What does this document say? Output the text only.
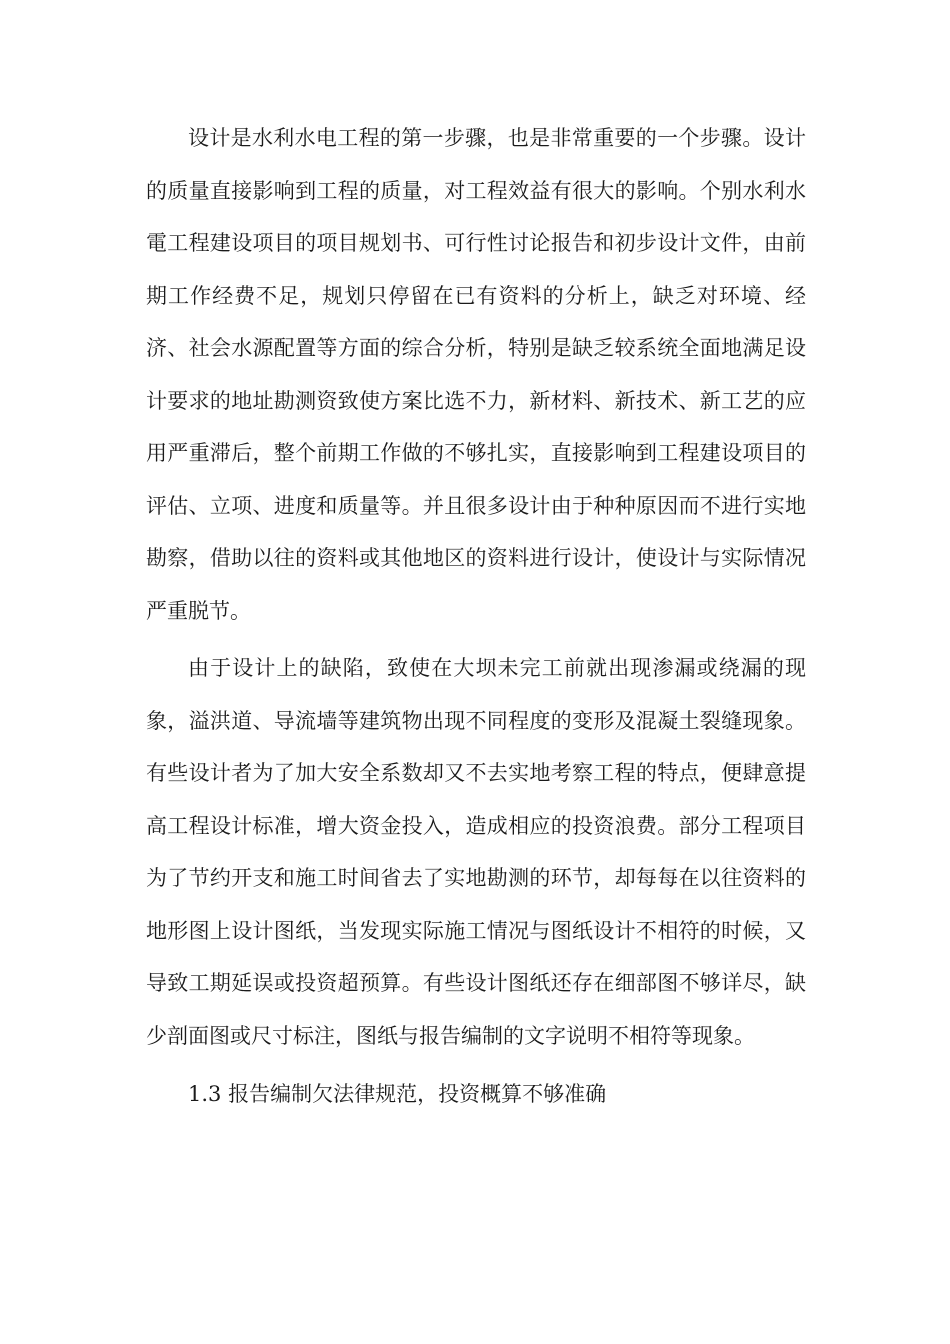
设计是水利水电工程的第一步骤，也是非常重要的一个步骤。设计的质量直接影响到工程的质量，对工程效益有很大的影响。个别水利水電工程建设项目的项目规划书、可行性讨论报告和初步设计文件，由前期工作经费不足，规划只停留在已有资料的分析上，缺乏对环境、经济、社会水源配置等方面的综合分析，特别是缺乏较系统全面地满足设计要求的地址勘测资致使方案比选不力，新材料、新技术、新工艺的应用严重滞后，整个前期工作做的不够扎实，直接影响到工程建设项目的评估、立项、进度和质量等。并且很多设计由于种种原因而不进行实地勘察，借助以往的资料或其他地区的资料进行设计，使设计与实际情况严重脱节。

由于设计上的缺陷，致使在大坝未完工前就出现渗漏或绕漏的现象，溢洪道、导流墙等建筑物出现不同程度的变形及混凝土裂缝现象。有些设计者为了加大安全系数却又不去实地考察工程的特点，便肆意提高工程设计标准，增大资金投入，造成相应的投资浪费。部分工程项目为了节约开支和施工时间省去了实地勘测的环节，却每每在以往资料的地形图上设计图纸，当发现实际施工情况与图纸设计不相符的时候，又导致工期延误或投资超预算。有些设计图纸还存在细部图不够详尽，缺少剖面图或尺寸标注，图纸与报告编制的文字说明不相符等现象。

1.3 报告编制欠法律规范，投资概算不够准确
